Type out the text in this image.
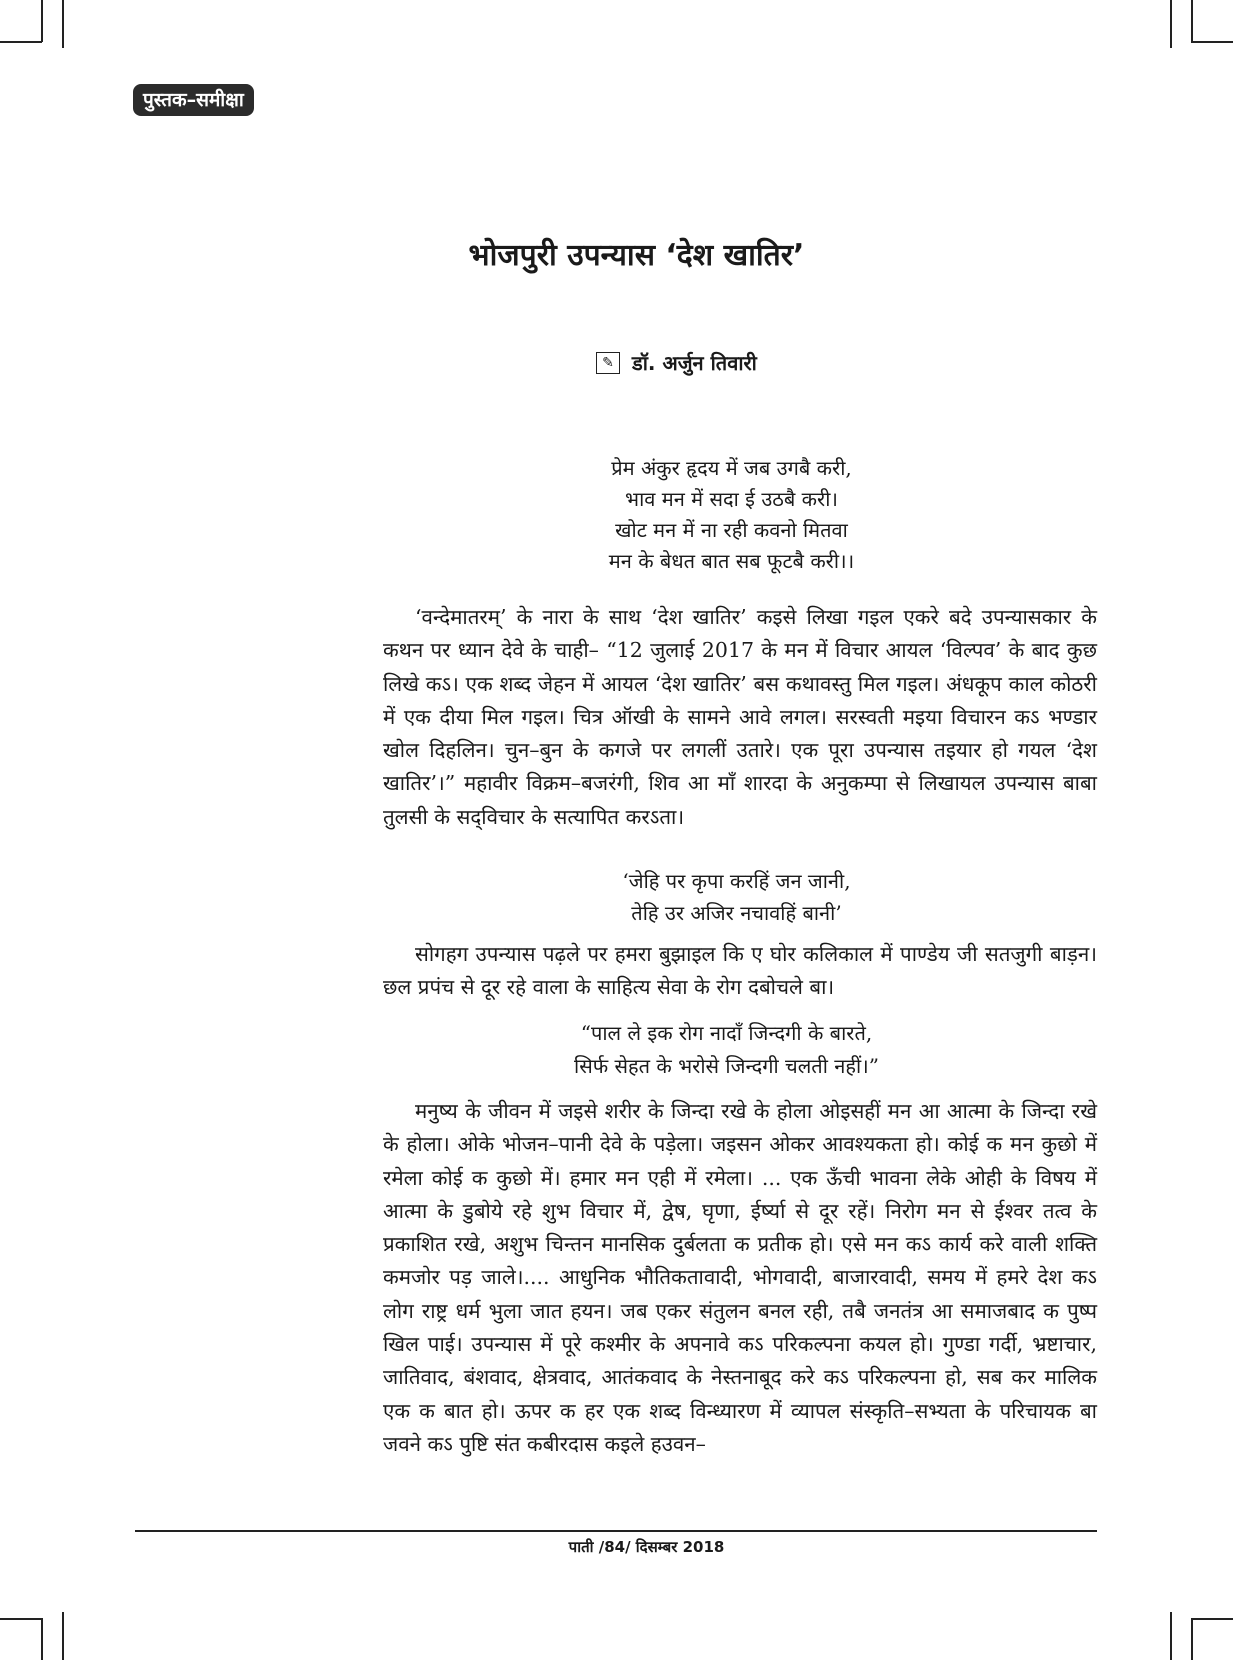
पुस्तक–समीक्षा
भोजपुरी उपन्यास ‘देश खातिर’
✎ डॉ. अर्जुन तिवारी
प्रेम अंकुर हृदय में जब उगबै करी,
भाव मन में सदा ई उठबै करी।
खोट मन में ना रही कवनो मितवा
मन के बेधत बात सब फूटबै करी।।

‘वन्देमातरम्’ के नारा के साथ ‘देश खातिर’ कइसे लिखा गइल एकरे बदे उपन्यासकार के कथन पर ध्यान देवे के चाही– “12 जुलाई 2017 के मन में विचार आयल ‘विल्पव’ के बाद कुछ लिखे कऽ। एक शब्द जेहन में आयल ‘देश खातिर’ बस कथावस्तु मिल गइल। अंधकूप काल कोठरी में एक दीया मिल गइल। चित्र ऑखी के सामने आवे लगल। सरस्वती मइया विचारन कऽ भण्डार खोल दिहलिन। चुन–बुन के कगजे पर लगलीं उतारे। एक पूरा उपन्यास तइयार हो गयल ‘देश खातिर’।” महावीर विक्रम–बजरंगी, शिव आ माँ शारदा के अनुकम्पा से लिखायल उपन्यास बाबा तुलसी के सद्‌विचार के सत्यापित करऽता।

‘जेहि पर कृपा करहिं जन जानी,
तेहि उर अजिर नचावहिं बानी’

सोगहग उपन्यास पढ़ले पर हमरा बुझाइल कि ए घोर कलिकाल में पाण्डेय जी सतजुगी बाड़न। छल प्रपंच से दूर रहे वाला के साहित्य सेवा के रोग दबोचले बा।

“पाल ले इक रोग नादाँ जिन्दगी के बारते,
सिर्फ सेहत के भरोसे जिन्दगी चलती नहीं।”

मनुष्य के जीवन में जइसे शरीर के जिन्दा रखे के होला ओइसहीं मन आ आत्मा के जिन्दा रखे के होला। ओके भोजन–पानी देवे के पड़ेला। जइसन ओकर आवश्यकता हो। कोई क मन कुछो में रमेला कोई क कुछो में। हमार मन एही में रमेला। ... एक ऊँची भावना लेके ओही के विषय में आत्मा के डुबोये रहे शुभ विचार में, द्वेष, घृणा, ईर्ष्या से दूर रहें। निरोग मन से ईश्वर तत्व के प्रकाशित रखे, अशुभ चिन्तन मानसिक दुर्बलता क प्रतीक हो। एसे मन कऽ कार्य करे वाली शक्ति कमजोर पड़ जाले।.... आधुनिक भौतिकतावादी, भोगवादी, बाजारवादी, समय में हमरे देश कऽ लोग राष्ट्र धर्म भुला जात हयन। जब एकर संतुलन बनल रही, तबै जनतंत्र आ समाजबाद क पुष्प खिल पाई। उपन्यास में पूरे कश्मीर के अपनावे कऽ परिकल्पना कयल हो। गुण्डा गर्दी, भ्रष्टाचार, जातिवाद, बंशवाद, क्षेत्रवाद, आतंकवाद के नेस्तनाबूद करे कऽ परिकल्पना हो, सब कर मालिक एक क बात हो। ऊपर क हर एक शब्द विन्ध्यारण में व्यापल संस्कृति–सभ्यता के परिचायक बा जवने कऽ पुष्टि संत कबीरदास कइले हउवन–

पाती /84/ दिसम्बर 2018
